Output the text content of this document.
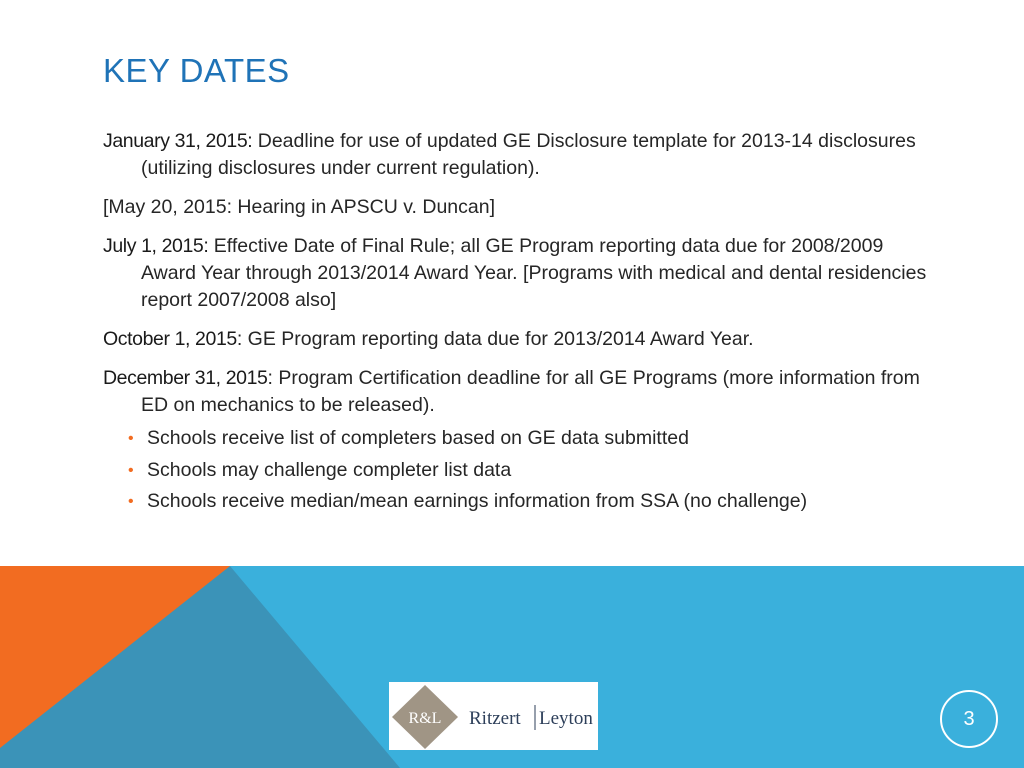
KEY DATES

January 31, 2015: Deadline for use of updated GE Disclosure template for 2013-14 disclosures (utilizing disclosures under current regulation).

[May 20, 2015: Hearing in APSCU v. Duncan]

July 1, 2015: Effective Date of Final Rule; all GE Program reporting data due for 2008/2009 Award Year through 2013/2014 Award Year. [Programs with medical and dental residencies report 2007/2008 also]

October 1, 2015: GE Program reporting data due for 2013/2014 Award Year.

December 31, 2015: Program Certification deadline for all GE Programs (more information from ED on mechanics to be released).

• Schools receive list of completers based on GE data submitted
• Schools may challenge completer list data
• Schools receive median/mean earnings information from SSA (no challenge)
R&L Ritzert Leyton	3
